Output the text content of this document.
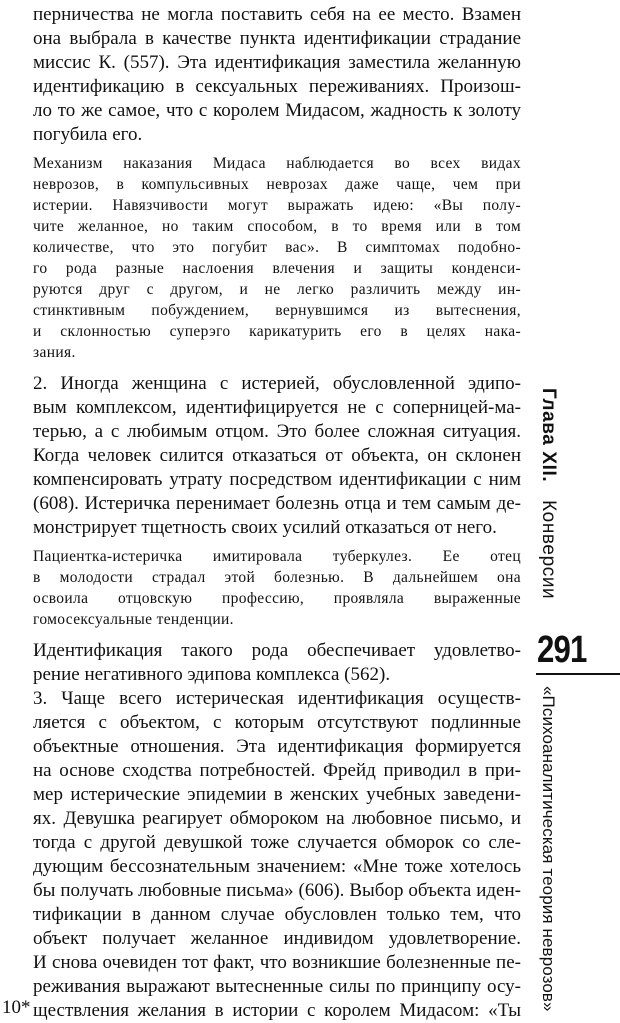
перничества не могла поставить себя на ее место. Взамен
она выбрала в качестве пункта идентификации страдание
миссис К. (557). Эта идентификация заместила желанную
идентификацию в сексуальных переживаниях. Произош-
ло то же самое, что с королем Мидасом, жадность к золоту
погубила его.
Механизм наказания Мидаса наблюдается во всех видах
неврозов, в компульсивных неврозах даже чаще, чем при
истерии. Навязчивости могут выражать идею: «Вы полу-
чите желанное, но таким способом, в то время или в том
количестве, что это погубит вас». В симптомах подобно-
го рода разные наслоения влечения и защиты конденси-
руются друг с другом, и не легко различить между ин-
стинктивным побуждением, вернувшимся из вытеснения,
и склонностью суперэго карикатурить его в целях нака-
зания.
2. Иногда женщина с истерией, обусловленной эдипо-
вым комплексом, идентифицируется не с соперницей-ма-
терью, а с любимым отцом. Это более сложная ситуация.
Когда человек силится отказаться от объекта, он склонен
компенсировать утрату посредством идентификации с ним
(608). Истеричка перенимает болезнь отца и тем самым де-
монстрирует тщетность своих усилий отказаться от него.
Пациентка-истеричка имитировала туберкулез. Ее отец
в молодости страдал этой болезнью. В дальнейшем она
освоила отцовскую профессию, проявляла выраженные
гомосексуальные тенденции.
Идентификация такого рода обеспечивает удовлетво-
рение негативного эдипова комплекса (562).
3. Чаще всего истерическая идентификация осуществ-
ляется с объектом, с которым отсутствуют подлинные
объектные отношения. Эта идентификация формируется
на основе сходства потребностей. Фрейд приводил в при-
мер истерические эпидемии в женских учебных заведени-
ях. Девушка реагирует обмороком на любовное письмо, и
тогда с другой девушкой тоже случается обморок со сле-
дующим бессознательным значением: «Мне тоже хотелось
бы получать любовные письма» (606). Выбор объекта иден-
тификации в данном случае обусловлен только тем, что
объект получает желанное индивидом удовлетворение.
И снова очевиден тот факт, что возникшие болезненные пе-
реживания выражают вытесненные силы по принципу осу-
ществления желания в истории с королем Мидасом: «Ты
10*
Глава XII. Конверсии
291
«Психоаналитическая теория неврозов»
